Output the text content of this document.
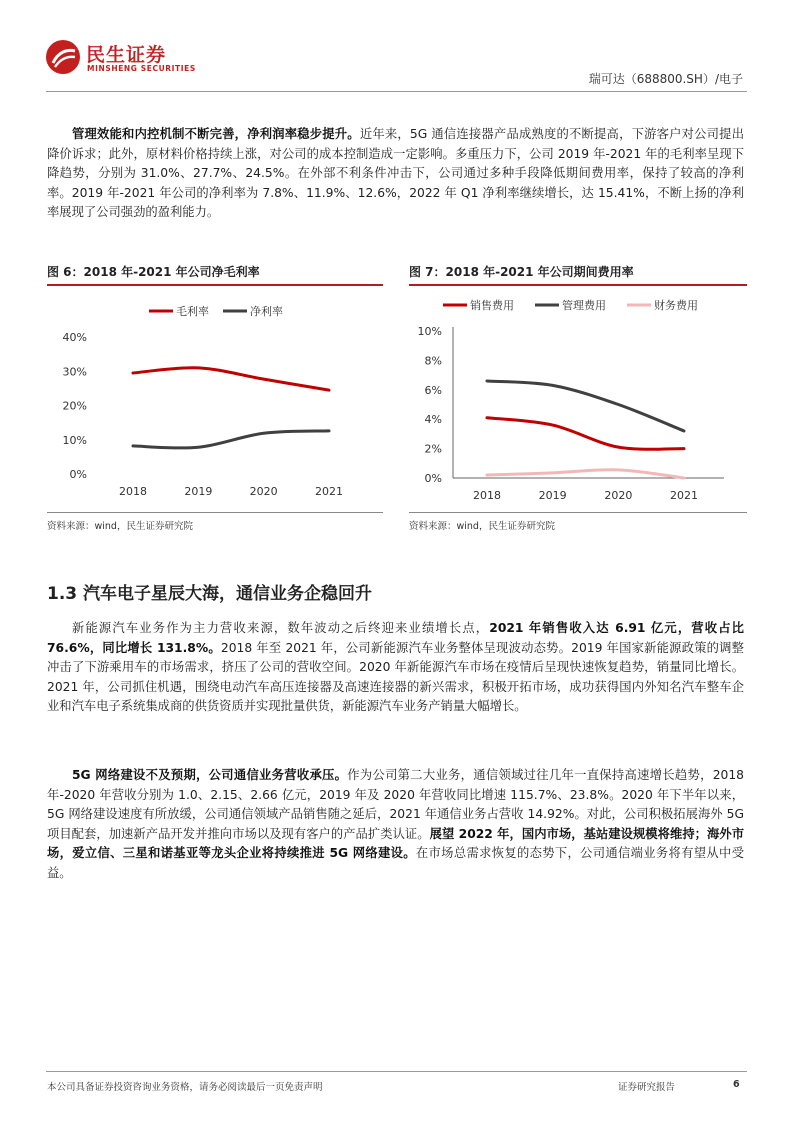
民生证券
MINSHENG SECURITIES
瑞可达（688800.SH）/电子

管理效能和内控机制不断完善，净利润率稳步提升。近年来，5G 通信连接器产品成熟度的不断提高，下游客户对公司提出降价诉求；此外，原材料价格持续上涨，对公司的成本控制造成一定影响。多重压力下，公司 2019 年-2021 年的毛利率呈现下降趋势，分别为 31.0%、27.7%、24.5%。在外部不利条件冲击下，公司通过多种手段降低期间费用率，保持了较高的净利率。2019 年-2021 年公司的净利率为 7.8%、11.9%、12.6%，2022 年 Q1 净利率继续增长，达 15.41%，不断上扬的净利率展现了公司强劲的盈利能力。

图 6：2018 年-2021 年公司净毛利率
毛利率	净利率
0%
10%
20%
30%
40%
2018	2019	2020	2021
资料来源：wind，民生证券研究院
图 7：2018 年-2021 年公司期间费用率
销售费用	管理费用	财务费用
0%
2%
4%
6%
8%
10%
2018	2019	2020	2021
资料来源：wind，民生证券研究院
1.3 汽车电子星辰大海，通信业务企稳回升

新能源汽车业务作为主力营收来源，数年波动之后终迎来业绩增长点，2021 年销售收入达 6.91 亿元，营收占比 76.6%，同比增长 131.8%。2018 年至 2021 年，公司新能源汽车业务整体呈现波动态势。2019 年国家新能源政策的调整冲击了下游乘用车的市场需求，挤压了公司的营收空间。2020 年新能源汽车市场在疫情后呈现快速恢复趋势，销量同比增长。2021 年，公司抓住机遇，围绕电动汽车高压连接器及高速连接器的新兴需求，积极开拓市场，成功获得国内外知名汽车整车企业和汽车电子系统集成商的供货资质并实现批量供货，新能源汽车业务产销量大幅增长。

5G 网络建设不及预期，公司通信业务营收承压。作为公司第二大业务，通信领域过往几年一直保持高速增长趋势，2018 年-2020 年营收分别为 1.0、2.15、2.66 亿元，2019 年及 2020 年营收同比增速 115.7%、23.8%。2020 年下半年以来，5G 网络建设速度有所放缓，公司通信领域产品销售随之延后，2021 年通信业务占营收 14.92%。对此，公司积极拓展海外 5G 项目配套，加速新产品开发并推向市场以及现有客户的产品扩类认证。展望 2022 年，国内市场，基站建设规模将维持；海外市场，爱立信、三星和诺基亚等龙头企业将持续推进 5G 网络建设。在市场总需求恢复的态势下，公司通信端业务将有望从中受益。

本公司具备证券投资咨询业务资格，请务必阅读最后一页免责声明	证券研究报告	6
